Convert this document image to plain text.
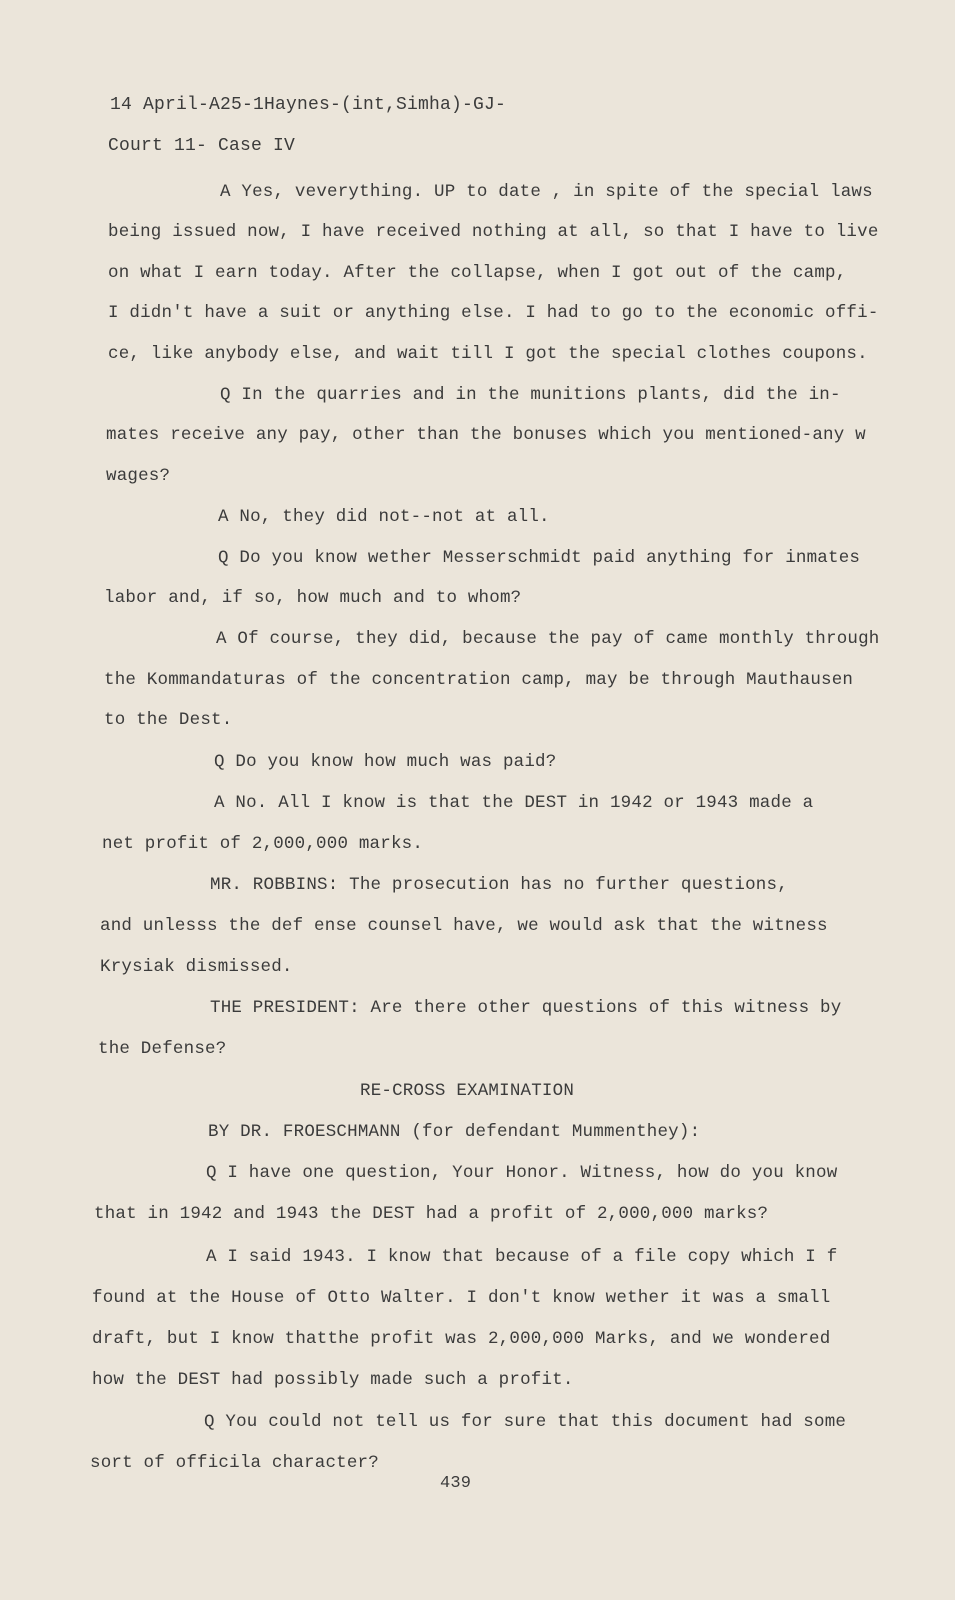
14 April-A25-1Haynes-(int,Simha)-GJ-
Court 11- Case IV
A Yes, veverything. UP to date , in spite of the special laws
being issued now, I have received nothing at all, so that I have to live
on what I earn today. After the collapse, when I got out of the camp,
I didn't have a suit or anything else. I had to go to the economic offi-
ce, like anybody else, and wait till I got the special clothes coupons.
Q In the quarries and in the munitions plants, did the in-
mates receive any pay, other than the bonuses which you mentioned-any w
wages?
A No, they did not--not at all.
Q Do you know wether Messerschmidt paid anything for inmates
labor and, if so, how much and to whom?
A Of course, they did, because the pay of came monthly through
the Kommandaturas of the concentration camp, may be through Mauthausen
to the Dest.
Q Do you know how much was paid?
A No. All I know is that the DEST in 1942 or 1943 made a
net profit of 2,000,000 marks.
MR. ROBBINS: The prosecution has no further questions,
and unlesss the def ense counsel have, we would ask that the witness
Krysiak dismissed.
THE PRESIDENT: Are there other questions of this witness by
the Defense?
RE-CROSS EXAMINATION
BY DR. FROESCHMANN (for defendant Mummenthey):
Q I have one question, Your Honor. Witness, how do you know
that in 1942 and 1943 the DEST had a profit of 2,000,000 marks?
A I said 1943. I know that because of a file copy which I f
found at the House of Otto Walter. I don't know wether it was a small
draft, but I know thatthe profit was 2,000,000 Marks, and we wondered
how the DEST had possibly made such a profit.
Q You could not tell us for sure that this document had some
sort of officila character?
439
